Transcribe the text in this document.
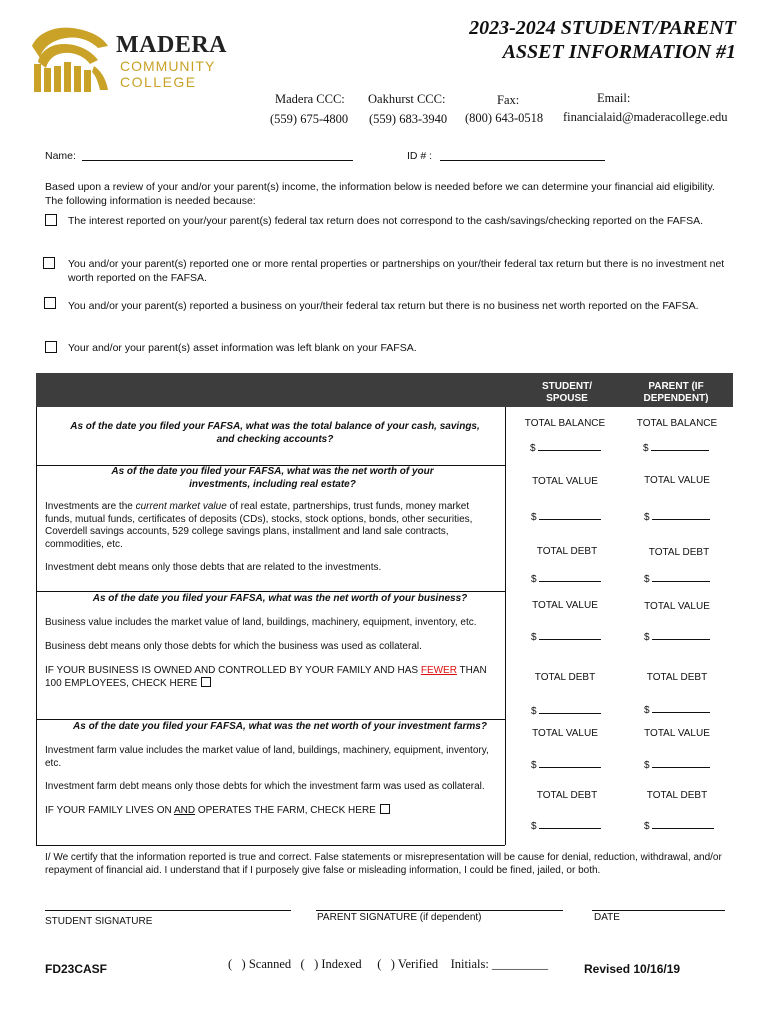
MADERA
COMMUNITY
COLLEGE
2023-2024 STUDENT/PARENT
ASSET INFORMATION #1
Madera CCC:
(559) 675-4800
Oakhurst CCC:
(559) 683-3940
Fax:
(800) 643-0518
Email:
financialaid@maderacollege.edu
Name:	ID # :
Based upon a review of your and/or your parent(s) income, the information below is needed before we can determine your financial aid eligibility. The following information is needed because:
The interest reported on your/your parent(s) federal tax return does not correspond to the cash/savings/checking reported on the FAFSA.
You and/or your parent(s) reported one or more rental properties or partnerships on your/their federal tax return but there is no investment net worth reported on the FAFSA.
You and/or your parent(s) reported a business on your/their federal tax return but there is no business net worth reported on the FAFSA.
Your and/or your parent(s) asset information was left blank on your FAFSA.
STUDENT/ SPOUSE
PARENT (IF DEPENDENT)
As of the date you filed your FAFSA, what was the total balance of your cash, savings, and checking accounts?
TOTAL BALANCE	TOTAL BALANCE
$	$
As of the date you filed your FAFSA, what was the net worth of your investments, including real estate?
Investments are the current market value of real estate, partnerships, trust funds, money market funds, mutual funds, certificates of deposits (CDs), stocks, stock options, bonds, other securities, Coverdell savings accounts, 529 college savings plans, installment and land sale contracts, commodities, etc.
Investment debt means only those debts that are related to the investments.
TOTAL VALUE	TOTAL VALUE
$	$
TOTAL DEBT	TOTAL DEBT
$	$
As of the date you filed your FAFSA, what was the net worth of your business?
Business value includes the market value of land, buildings, machinery, equipment, inventory, etc.
Business debt means only those debts for which the business was used as collateral.
IF YOUR BUSINESS IS OWNED AND CONTROLLED BY YOUR FAMILY AND HAS FEWER THAN 100 EMPLOYEES, CHECK HERE
TOTAL VALUE	TOTAL VALUE
$	$
TOTAL DEBT	TOTAL DEBT
$	$
As of the date you filed your FAFSA, what was the net worth of your investment farms?
Investment farm value includes the market value of land, buildings, machinery, equipment, inventory, etc.
Investment farm debt means only those debts for which the investment farm was used as collateral.
IF YOUR FAMILY LIVES ON AND OPERATES THE FARM, CHECK HERE
TOTAL VALUE	TOTAL VALUE
$	$
TOTAL DEBT	TOTAL DEBT
$	$
I/ We certify that the information reported is true and correct. False statements or misrepresentation will be cause for denial, reduction, withdrawal, and/or repayment of financial aid. I understand that if I purposely give false or misleading information, I could be fined, jailed, or both.
STUDENT SIGNATURE	PARENT SIGNATURE (if dependent)	DATE
FD23CASF	(   ) Scanned   (   ) Indexed     (   ) Verified    Initials: _________	Revised 10/16/19
